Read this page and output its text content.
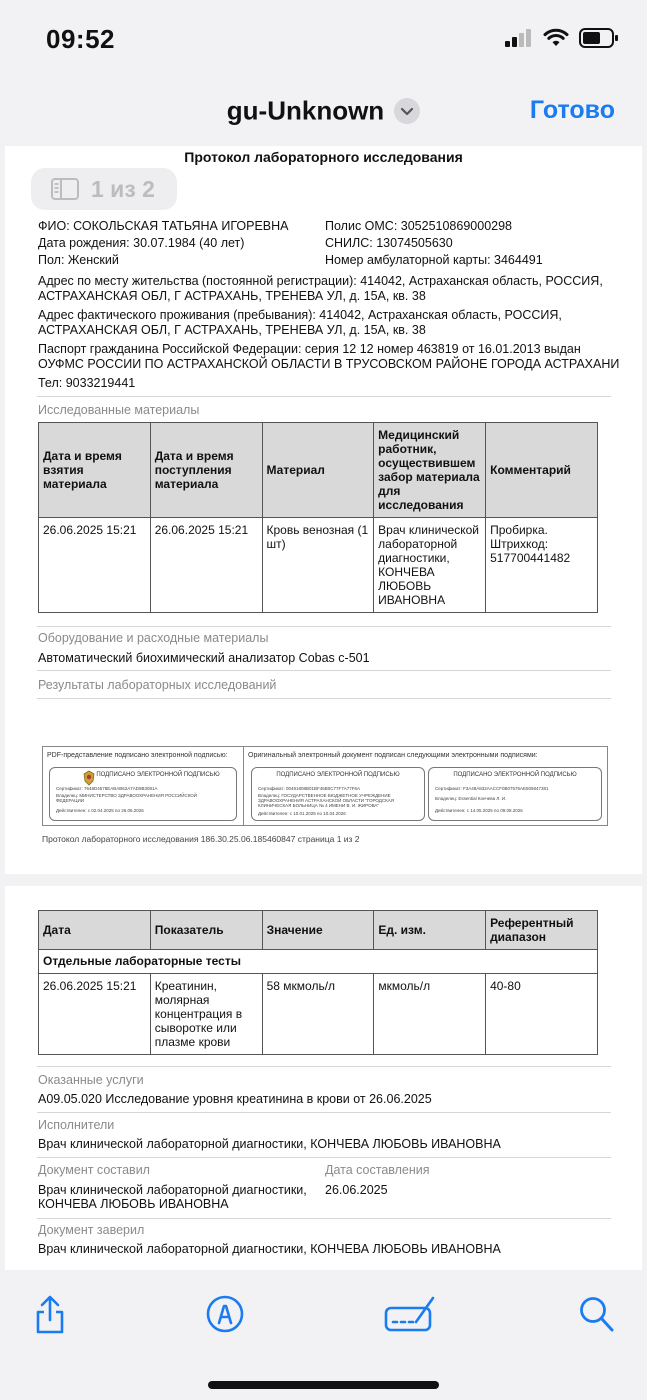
09:52
gu-Unknown	Готово
Протокол лабораторного исследования
1 из 2
ФИО: СОКОЛЬСКАЯ ТАТЬЯНА ИГОРЕВНА
Дата рождения: 30.07.1984 (40 лет)
Пол: Женский
Полис ОМС: 3052510869000298
СНИЛС: 13074505630
Номер амбулаторной карты: 3464491
Адрес по месту жительства (постоянной регистрации): 414042, Астраханская область, РОССИЯ,
АСТРАХАНСКАЯ ОБЛ, Г АСТРАХАНЬ, ТРЕНЕВА УЛ, д. 15А, кв. 38
Адрес фактического проживания (пребывания): 414042, Астраханская область, РОССИЯ,
АСТРАХАНСКАЯ ОБЛ, Г АСТРАХАНЬ, ТРЕНЕВА УЛ, д. 15А, кв. 38
Паспорт гражданина Российской Федерации: серия 12 12 номер 463819 от 16.01.2013 выдан
ОУФМС РОССИИ ПО АСТРАХАНСКОЙ ОБЛАСТИ В ТРУСОВСКОМ РАЙОНЕ ГОРОДА АСТРАХАНИ
Тел: 9033219441
Исследованные материалы
Дата и время взятия материала	Дата и время поступления материала	Материал	Медицинский работник, осуществившем забор материала для исследования	Комментарий
26.06.2025 15:21	26.06.2025 15:21	Кровь венозная (1 шт)	Врач клинической лабораторной диагностики, КОНЧЕВА ЛЮБОВЬ ИВАНОВНА	Пробирка. Штрихкод: 517700441482
Оборудование и расходные материалы
Автоматический биохимический анализатор Cobas c-501
Результаты лабораторных исследований
PDF-представление подписано электронной подписью:
ПОДПИСАНО ЭЛЕКТРОННОЙ ПОДПИСЬЮ
Сертификат: 7648D4578EABAB62A7AD9B3081A
Владелец: МИНИСТЕРСТВО ЗДРАВООХРАНЕНИЯ РОССИЙСКОЙ ФЕДЕРАЦИИ
Действителен: с 02.04.2025 по 26.06.2026
Оригинальный электронный документ подписан следующими электронными подписями:
ПОДПИСАНО ЭЛЕКТРОННОЙ ПОДПИСЬЮ
Сертификат: 00491808B01BF46B0C77F7A77F6A
Владелец: ГОСУДАРСТВЕННОЕ БЮДЖЕТНОЕ УЧРЕЖДЕНИЕ ЗДРАВООХРАНЕНИЯ АСТРАХАНСКОЙ ОБЛАСТИ "ГОРОДСКАЯ КЛИНИЧЕСКАЯ БОЛЬНИЦА № 4 ИМЕНИ В. И. ЖИРОВА"
Действителен: с 10.01.2025 по 10.04.2026
ПОДПИСАНО ЭЛЕКТРОННОЙ ПОДПИСЬЮ
Сертификат: F3A48A832AACCF0B07576AE505847381
Владелец: Essential Кончева Л. И.
Действителен: с 14.05.2025 по 09.08.2026
Протокол лабораторного исследования 186.30.25.06.185460847 страница 1 из 2
Дата	Показатель	Значение	Ед. изм.	Референтный диапазон
Отдельные лабораторные тесты				
26.06.2025 15:21	Креатинин, молярная концентрация в сыворотке или плазме крови	58 мкмоль/л	мкмоль/л	40-80
Оказанные услуги
A09.05.020 Исследование уровня креатинина в крови от 26.06.2025
Исполнители
Врач клинической лабораторной диагностики, КОНЧЕВА ЛЮБОВЬ ИВАНОВНА
Документ составил
Врач клинической лабораторной диагностики,
КОНЧЕВА ЛЮБОВЬ ИВАНОВНА
Дата составления
26.06.2025
Документ заверил
Врач клинической лабораторной диагностики, КОНЧЕВА ЛЮБОВЬ ИВАНОВНА
